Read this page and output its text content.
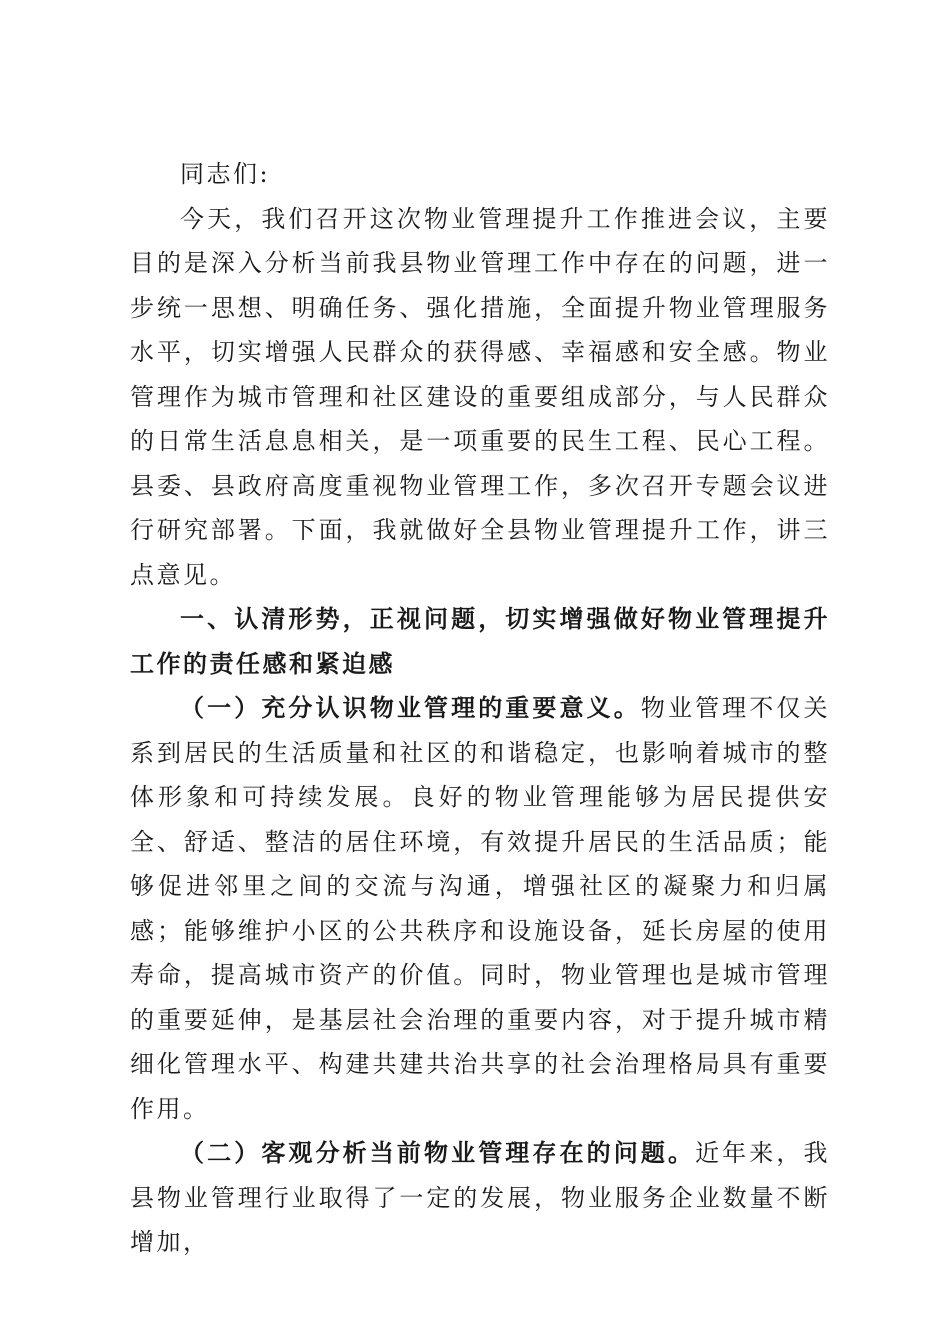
同志们:

今天，我们召开这次物业管理提升工作推进会议，主要目的是深入分析当前我县物业管理工作中存在的问题，进一步统一思想、明确任务、强化措施，全面提升物业管理服务水平，切实增强人民群众的获得感、幸福感和安全感。物业管理作为城市管理和社区建设的重要组成部分，与人民群众的日常生活息息相关，是一项重要的民生工程、民心工程。县委、县政府高度重视物业管理工作，多次召开专题会议进行研究部署。下面，我就做好全县物业管理提升工作，讲三点意见。

一、认清形势，正视问题，切实增强做好物业管理提升工作的责任感和紧迫感

（一）充分认识物业管理的重要意义。物业管理不仅关系到居民的生活质量和社区的和谐稳定，也影响着城市的整体形象和可持续发展。良好的物业管理能够为居民提供安全、舒适、整洁的居住环境，有效提升居民的生活品质；能够促进邻里之间的交流与沟通，增强社区的凝聚力和归属感；能够维护小区的公共秩序和设施设备，延长房屋的使用寿命，提高城市资产的价值。同时，物业管理也是城市管理的重要延伸，是基层社会治理的重要内容，对于提升城市精细化管理水平、构建共建共治共享的社会治理格局具有重要作用。

（二）客观分析当前物业管理存在的问题。近年来，我县物业管理行业取得了一定的发展，物业服务企业数量不断增加，
